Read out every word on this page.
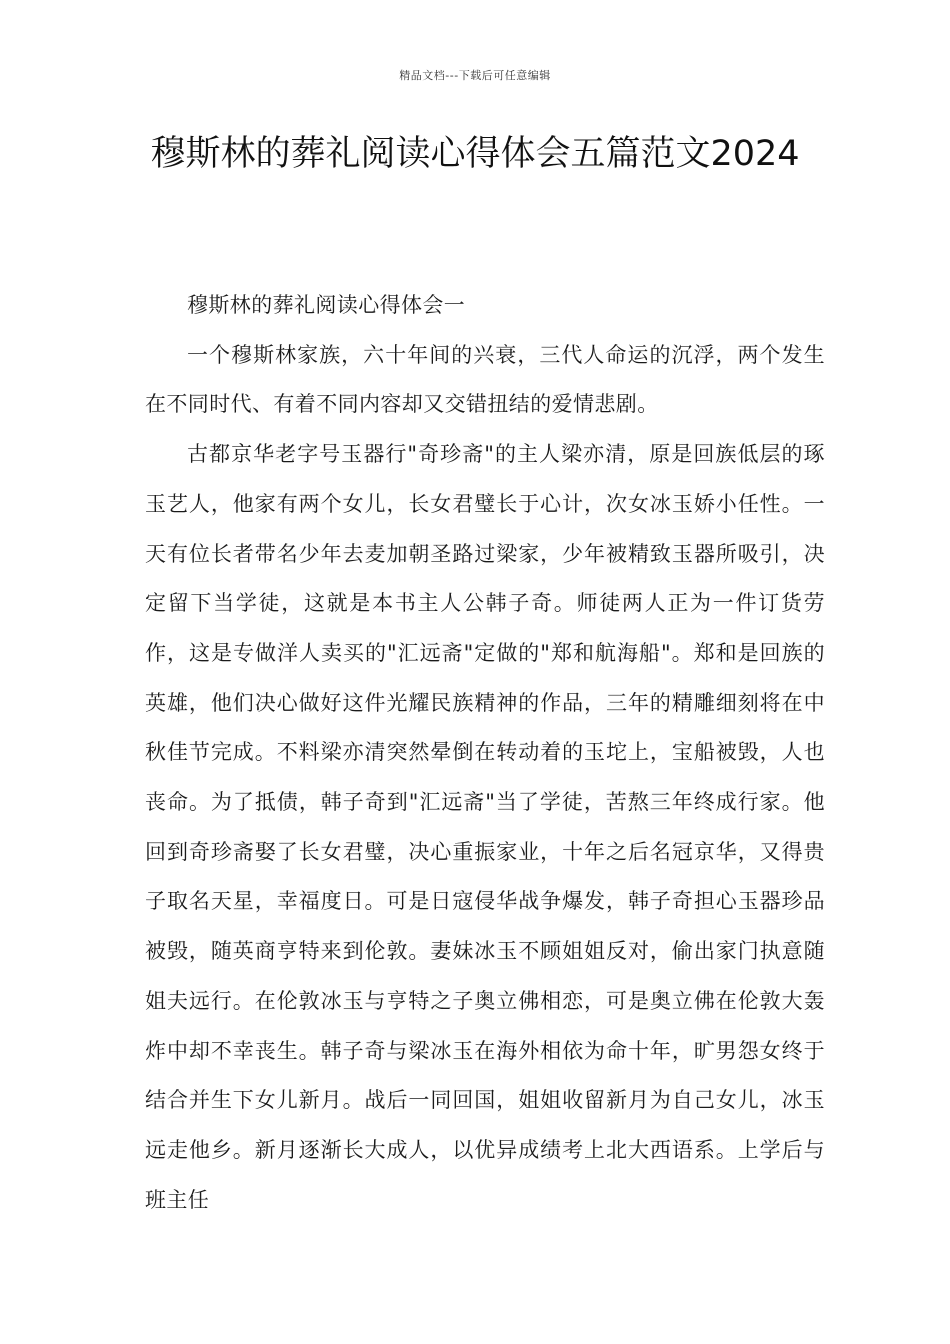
精品文档---下载后可任意编辑
穆斯林的葬礼阅读心得体会五篇范文2024

穆斯林的葬礼阅读心得体会一

一个穆斯林家族，六十年间的兴衰，三代人命运的沉浮，两个发生在不同时代、有着不同内容却又交错扭结的爱情悲剧。

古都京华老字号玉器行"奇珍斋"的主人梁亦清，原是回族低层的琢玉艺人，他家有两个女儿，长女君璧长于心计，次女冰玉娇小任性。一天有位长者带名少年去麦加朝圣路过梁家，少年被精致玉器所吸引，决定留下当学徒，这就是本书主人公韩子奇。师徒两人正为一件订货劳作，这是专做洋人卖买的"汇远斋"定做的"郑和航海船"。郑和是回族的英雄，他们决心做好这件光耀民族精神的作品，三年的精雕细刻将在中秋佳节完成。不料梁亦清突然晕倒在转动着的玉坨上，宝船被毁，人也丧命。为了抵债，韩子奇到"汇远斋"当了学徒，苦熬三年终成行家。他回到奇珍斋娶了长女君璧，决心重振家业，十年之后名冠京华，又得贵子取名天星，幸福度日。可是日寇侵华战争爆发，韩子奇担心玉器珍品被毁，随英商亨特来到伦敦。妻妹冰玉不顾姐姐反对，偷出家门执意随姐夫远行。在伦敦冰玉与亨特之子奥立佛相恋，可是奥立佛在伦敦大轰炸中却不幸丧生。韩子奇与梁冰玉在海外相依为命十年，旷男怨女终于结合并生下女儿新月。战后一同回国，姐姐收留新月为自己女儿，冰玉远走他乡。新月逐渐长大成人，以优异成绩考上北大西语系。上学后与班主任
